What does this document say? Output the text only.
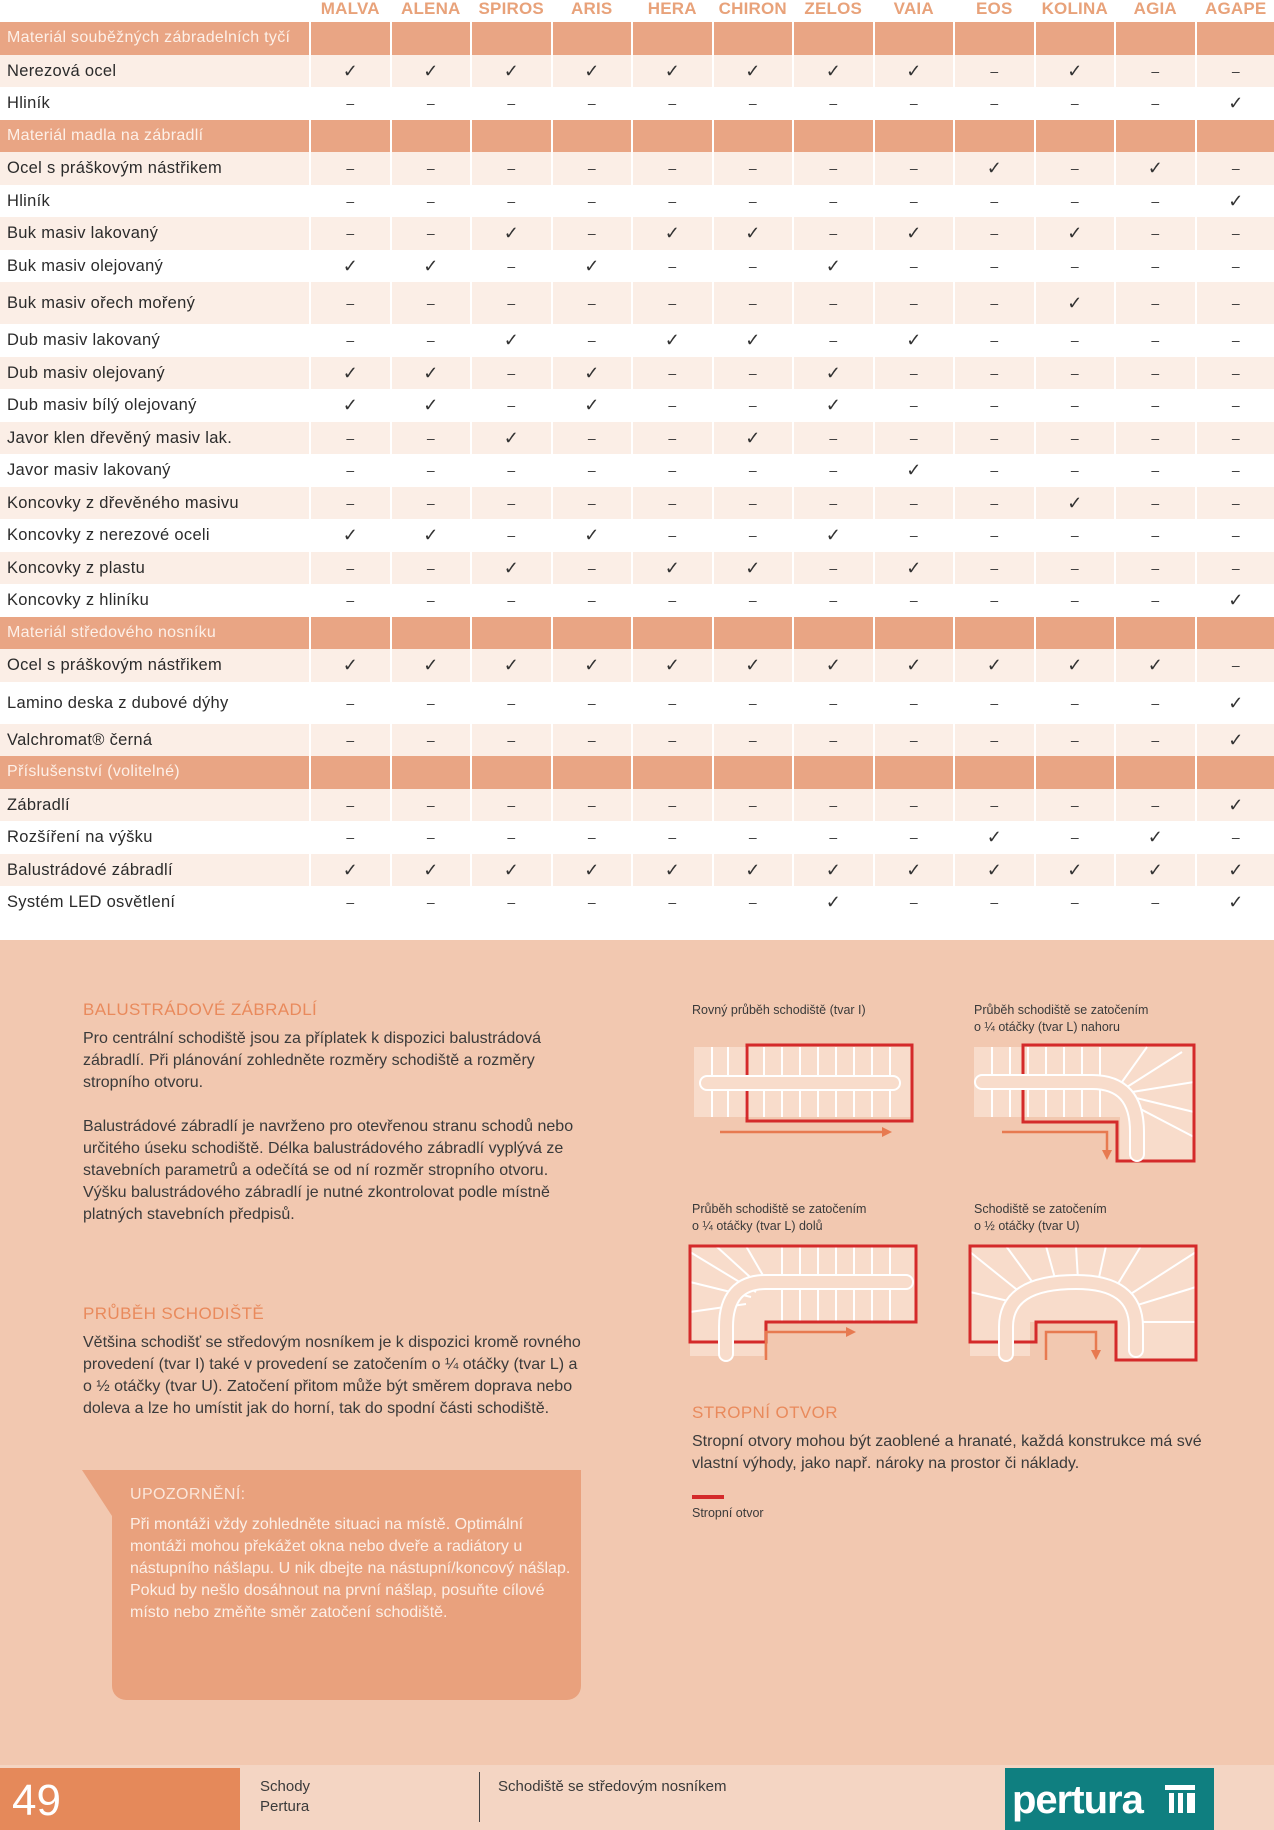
MALVA	ALENA	SPIROS	ARIS	HERA	CHIRON	ZELOS	VAIA	EOS	KOLINA	AGIA	AGAPE
Materiál souběžných zábradelních tyčí
Nerezová ocel	✓	✓	✓	✓	✓	✓	✓	✓	–	✓	–	–
Hliník	–	–	–	–	–	–	–	–	–	–	–	✓
Materiál madla na zábradlí
Ocel s práškovým nástřikem	–	–	–	–	–	–	–	–	✓	–	✓	–
Hliník	–	–	–	–	–	–	–	–	–	–	–	✓
Buk masiv lakovaný	–	–	✓	–	✓	✓	–	✓	–	✓	–	–
Buk masiv olejovaný	✓	✓	–	✓	–	–	✓	–	–	–	–	–
Buk masiv ořech mořený	–	–	–	–	–	–	–	–	–	✓	–	–
Dub masiv lakovaný	–	–	✓	–	✓	✓	–	✓	–	–	–	–
Dub masiv olejovaný	✓	✓	–	✓	–	–	✓	–	–	–	–	–
Dub masiv bílý olejovaný	✓	✓	–	✓	–	–	✓	–	–	–	–	–
Javor klen dřevěný masiv lak.	–	–	✓	–	–	✓	–	–	–	–	–	–
Javor masiv lakovaný	–	–	–	–	–	–	–	✓	–	–	–	–
Koncovky z dřevěného masivu	–	–	–	–	–	–	–	–	–	✓	–	–
Koncovky z nerezové oceli	✓	✓	–	✓	–	–	✓	–	–	–	–	–
Koncovky z plastu	–	–	✓	–	✓	✓	–	✓	–	–	–	–
Koncovky z hliníku	–	–	–	–	–	–	–	–	–	–	–	✓
Materiál středového nosníku
Ocel s práškovým nástřikem	✓	✓	✓	✓	✓	✓	✓	✓	✓	✓	✓	–
Lamino deska z dubové dýhy	–	–	–	–	–	–	–	–	–	–	–	✓
Valchromat® černá	–	–	–	–	–	–	–	–	–	–	–	✓
Příslušenství (volitelné)
Zábradlí	–	–	–	–	–	–	–	–	–	–	–	✓
Rozšíření na výšku	–	–	–	–	–	–	–	–	✓	–	✓	–
Balustrádové zábradlí	✓	✓	✓	✓	✓	✓	✓	✓	✓	✓	✓	✓
Systém LED osvětlení	–	–	–	–	–	–	✓	–	–	–	–	✓
BALUSTRÁDOVÉ ZÁBRADLÍ

Pro centrální schodiště jsou za příplatek k dispozici balustrádová zábradlí. Při plánování zohledněte rozměry schodiště a rozměry stropního otvoru.

Balustrádové zábradlí je navrženo pro otevřenou stranu schodů nebo určitého úseku schodiště. Délka balustrádového zábradlí vyplývá ze stavebních parametrů a odečítá se od ní rozměr stropního otvoru. Výšku balustrádového zábradlí je nutné zkontrolovat podle místně platných stavebních předpisů.

PRŮBĚH SCHODIŠTĚ

Většina schodišť se středovým nosníkem je k dispozici kromě rovného provedení (tvar I) také v provedení se zatočením o ¼ otáčky (tvar L) a o ½ otáčky (tvar U). Zatočení přitom může být směrem doprava nebo doleva a lze ho umístit jak do horní, tak do spodní části schodiště.

UPOZORNĚNÍ:
Při montáži vždy zohledněte situaci na místě. Optimální montáži mohou překážet okna nebo dveře a radiátory u nástupního nášlapu. U nik dbejte na nástupní/koncový nášlap. Pokud by nešlo dosáhnout na první nášlap, posuňte cílové místo nebo změňte směr zatočení schodiště.
Rovný průběh schodiště (tvar I)	Průběh schodiště se zatočením
o ¼ otáčky (tvar L) nahoru
Průběh schodiště se zatočením
o ¼ otáčky (tvar L) dolů
Schodiště se zatočením
o ½ otáčky (tvar U)
STROPNÍ OTVOR
Stropní otvory mohou být zaoblené a hranaté, každá konstrukce má své vlastní výhody, jako např. nároky na prostor či náklady.
Stropní otvor
49	Schody
Pertura
Schodiště se středovým nosníkem	pertura
